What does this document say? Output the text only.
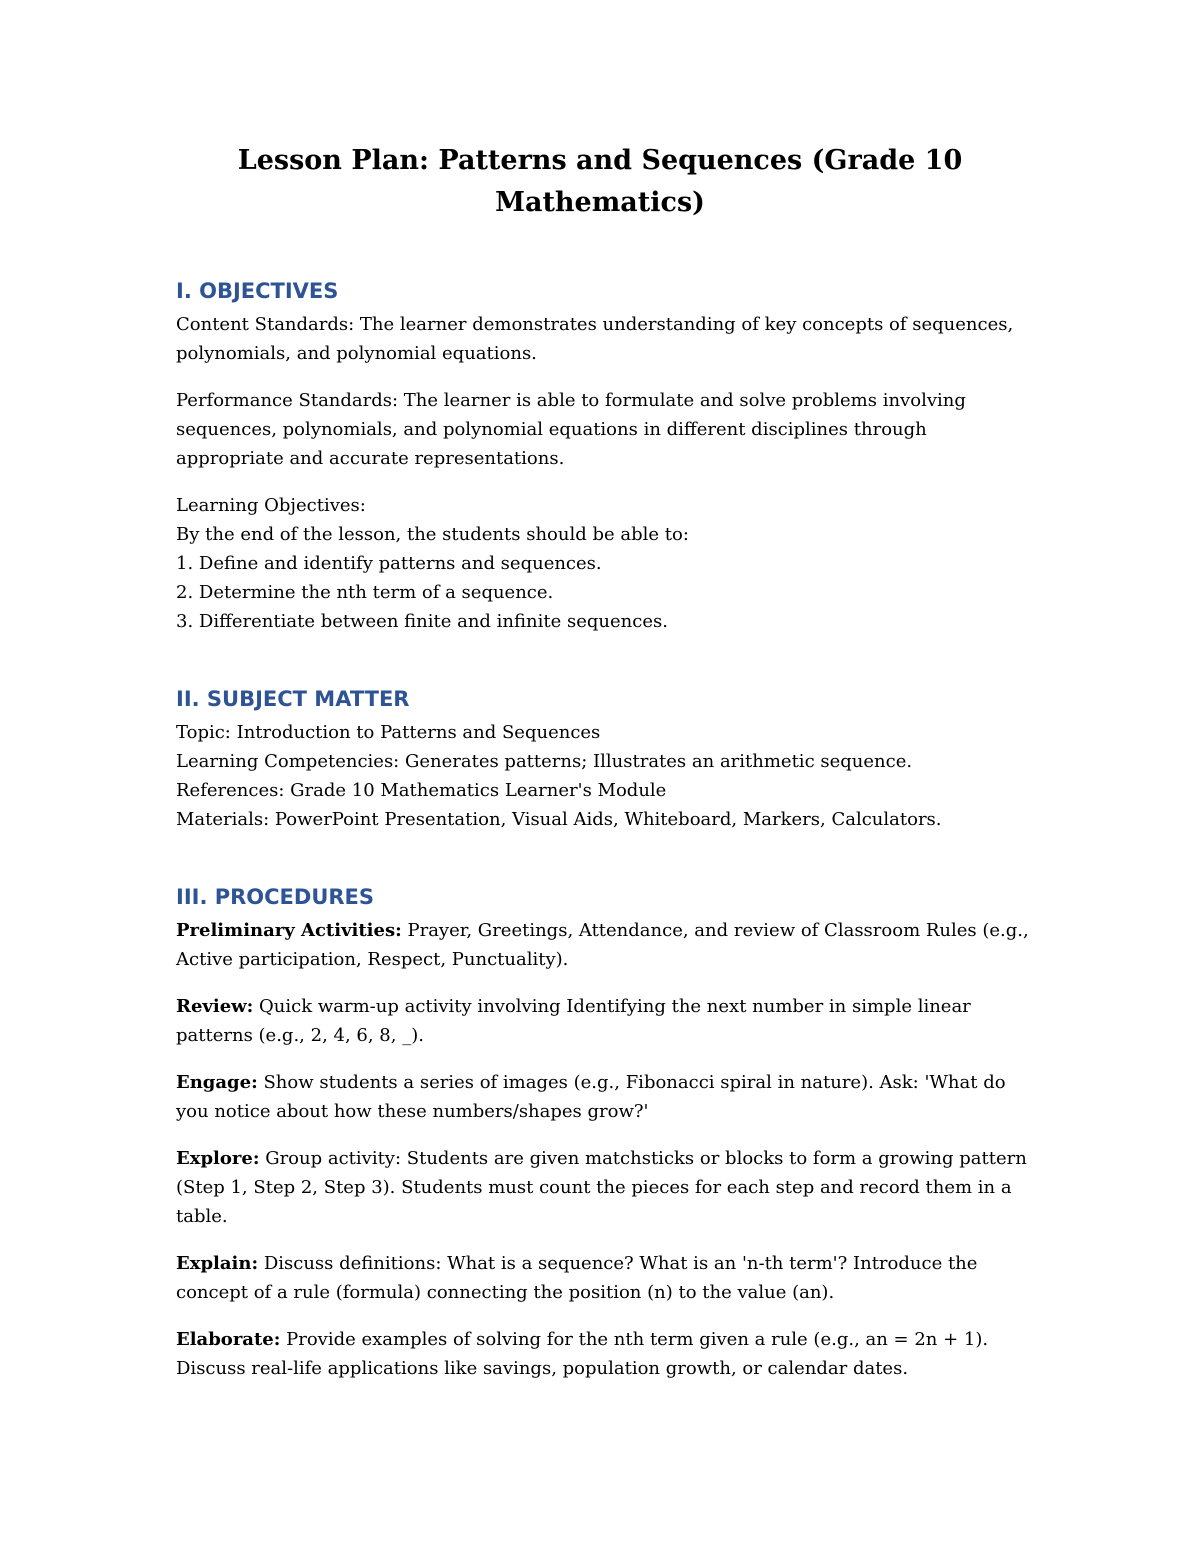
Lesson Plan: Patterns and Sequences (Grade 10 Mathematics)
I. OBJECTIVES

Content Standards: The learner demonstrates understanding of key concepts of sequences, polynomials, and polynomial equations.

Performance Standards: The learner is able to formulate and solve problems involving sequences, polynomials, and polynomial equations in different disciplines through appropriate and accurate representations.

Learning Objectives:

By the end of the lesson, the students should be able to:

1. Define and identify patterns and sequences.

2. Determine the nth term of a sequence.

3. Differentiate between finite and infinite sequences.

II. SUBJECT MATTER

Topic: Introduction to Patterns and Sequences

Learning Competencies: Generates patterns; Illustrates an arithmetic sequence.

References: Grade 10 Mathematics Learner's Module

Materials: PowerPoint Presentation, Visual Aids, Whiteboard, Markers, Calculators.

III. PROCEDURES

Preliminary Activities: Prayer, Greetings, Attendance, and review of Classroom Rules (e.g., Active participation, Respect, Punctuality).

Review: Quick warm-up activity involving Identifying the next number in simple linear patterns (e.g., 2, 4, 6, 8, _).

Engage: Show students a series of images (e.g., Fibonacci spiral in nature). Ask: 'What do you notice about how these numbers/shapes grow?'

Explore: Group activity: Students are given matchsticks or blocks to form a growing pattern (Step 1, Step 2, Step 3). Students must count the pieces for each step and record them in a table.

Explain: Discuss definitions: What is a sequence? What is an 'n-th term'? Introduce the concept of a rule (formula) connecting the position (n) to the value (an).

Elaborate: Provide examples of solving for the nth term given a rule (e.g., an = 2n + 1). Discuss real-life applications like savings, population growth, or calendar dates.
